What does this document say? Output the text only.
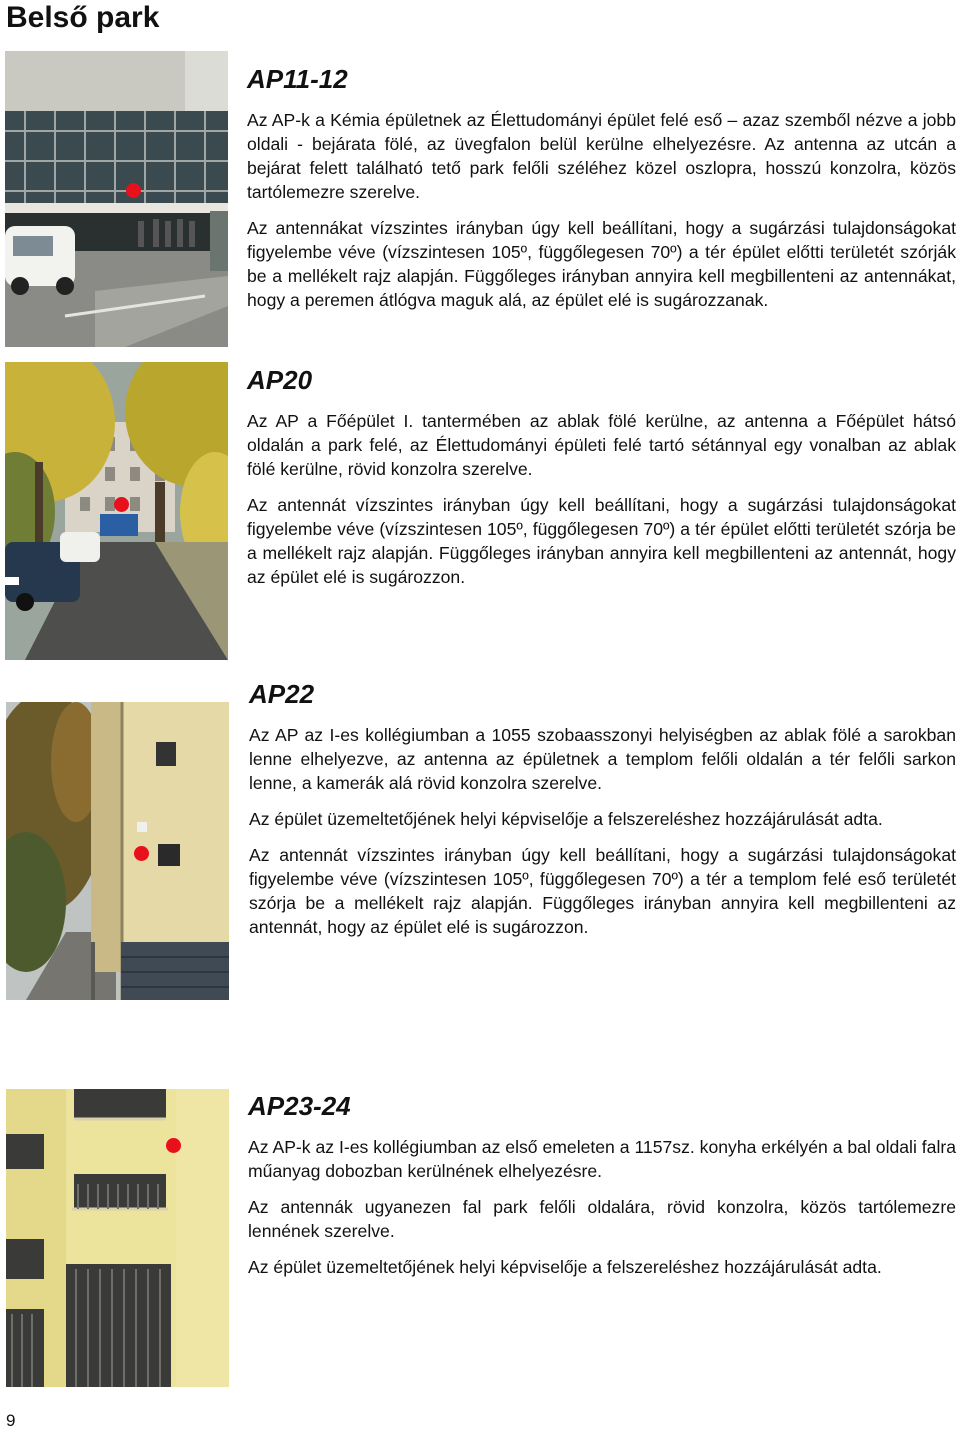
Belső park
AP11-12

Az AP-k a Kémia épületnek az Élettudományi épület felé eső – azaz szemből nézve a jobb oldali - bejárata fölé, az üvegfalon belül kerülne elhelyezésre. Az antenna az utcán a bejárat felett található tető park felőli széléhez közel oszlopra, hosszú konzolra, közös tartólemezre szerelve.

Az antennákat vízszintes irányban úgy kell beállítani, hogy a sugárzási tulajdonságokat figyelembe véve (vízszintesen 105º, függőlegesen 70º) a tér épület előtti területét szórják be a mellékelt rajz alapján. Függőleges irányban annyira kell megbillenteni az antennákat, hogy a peremen átlógva maguk alá, az épület elé is sugározzanak.

AP20

Az AP a Főépület I. tantermében az ablak fölé kerülne, az antenna a Főépület hátsó oldalán a park felé, az Élettudományi épületi felé tartó sétánnyal egy vonalban az ablak fölé kerülne, rövid konzolra szerelve.

Az antennát vízszintes irányban úgy kell beállítani, hogy a sugárzási tulajdonságokat figyelembe véve (vízszintesen 105º, függőlegesen 70º) a tér épület előtti területét szórja be a mellékelt rajz alapján. Függőleges irányban annyira kell megbillenteni az antennát, hogy az épület elé is sugározzon.

AP22

Az AP az I-es kollégiumban a 1055 szobaasszonyi helyiségben az ablak fölé a sarokban lenne elhelyezve, az antenna az épületnek a templom felőli oldalán a tér felőli sarkon lenne, a kamerák alá rövid konzolra szerelve.

Az épület üzemeltetőjének helyi képviselője a felszereléshez hozzájárulását adta.

Az antennát vízszintes irányban úgy kell beállítani, hogy a sugárzási tulajdonságokat figyelembe véve (vízszintesen 105º, függőlegesen 70º) a tér a templom felé eső területét szórja be a mellékelt rajz alapján. Függőleges irányban annyira kell megbillenteni az antennát, hogy az épület elé is sugározzon.

AP23-24

Az AP-k az I-es kollégiumban az első emeleten a 1157sz. konyha erkélyén a bal oldali falra műanyag dobozban kerülnének elhelyezésre.

Az antennák ugyanezen fal park felőli oldalára, rövid konzolra, közös tartólemezre lennének szerelve.

Az épület üzemeltetőjének helyi képviselője a felszereléshez hozzájárulását adta.

9
